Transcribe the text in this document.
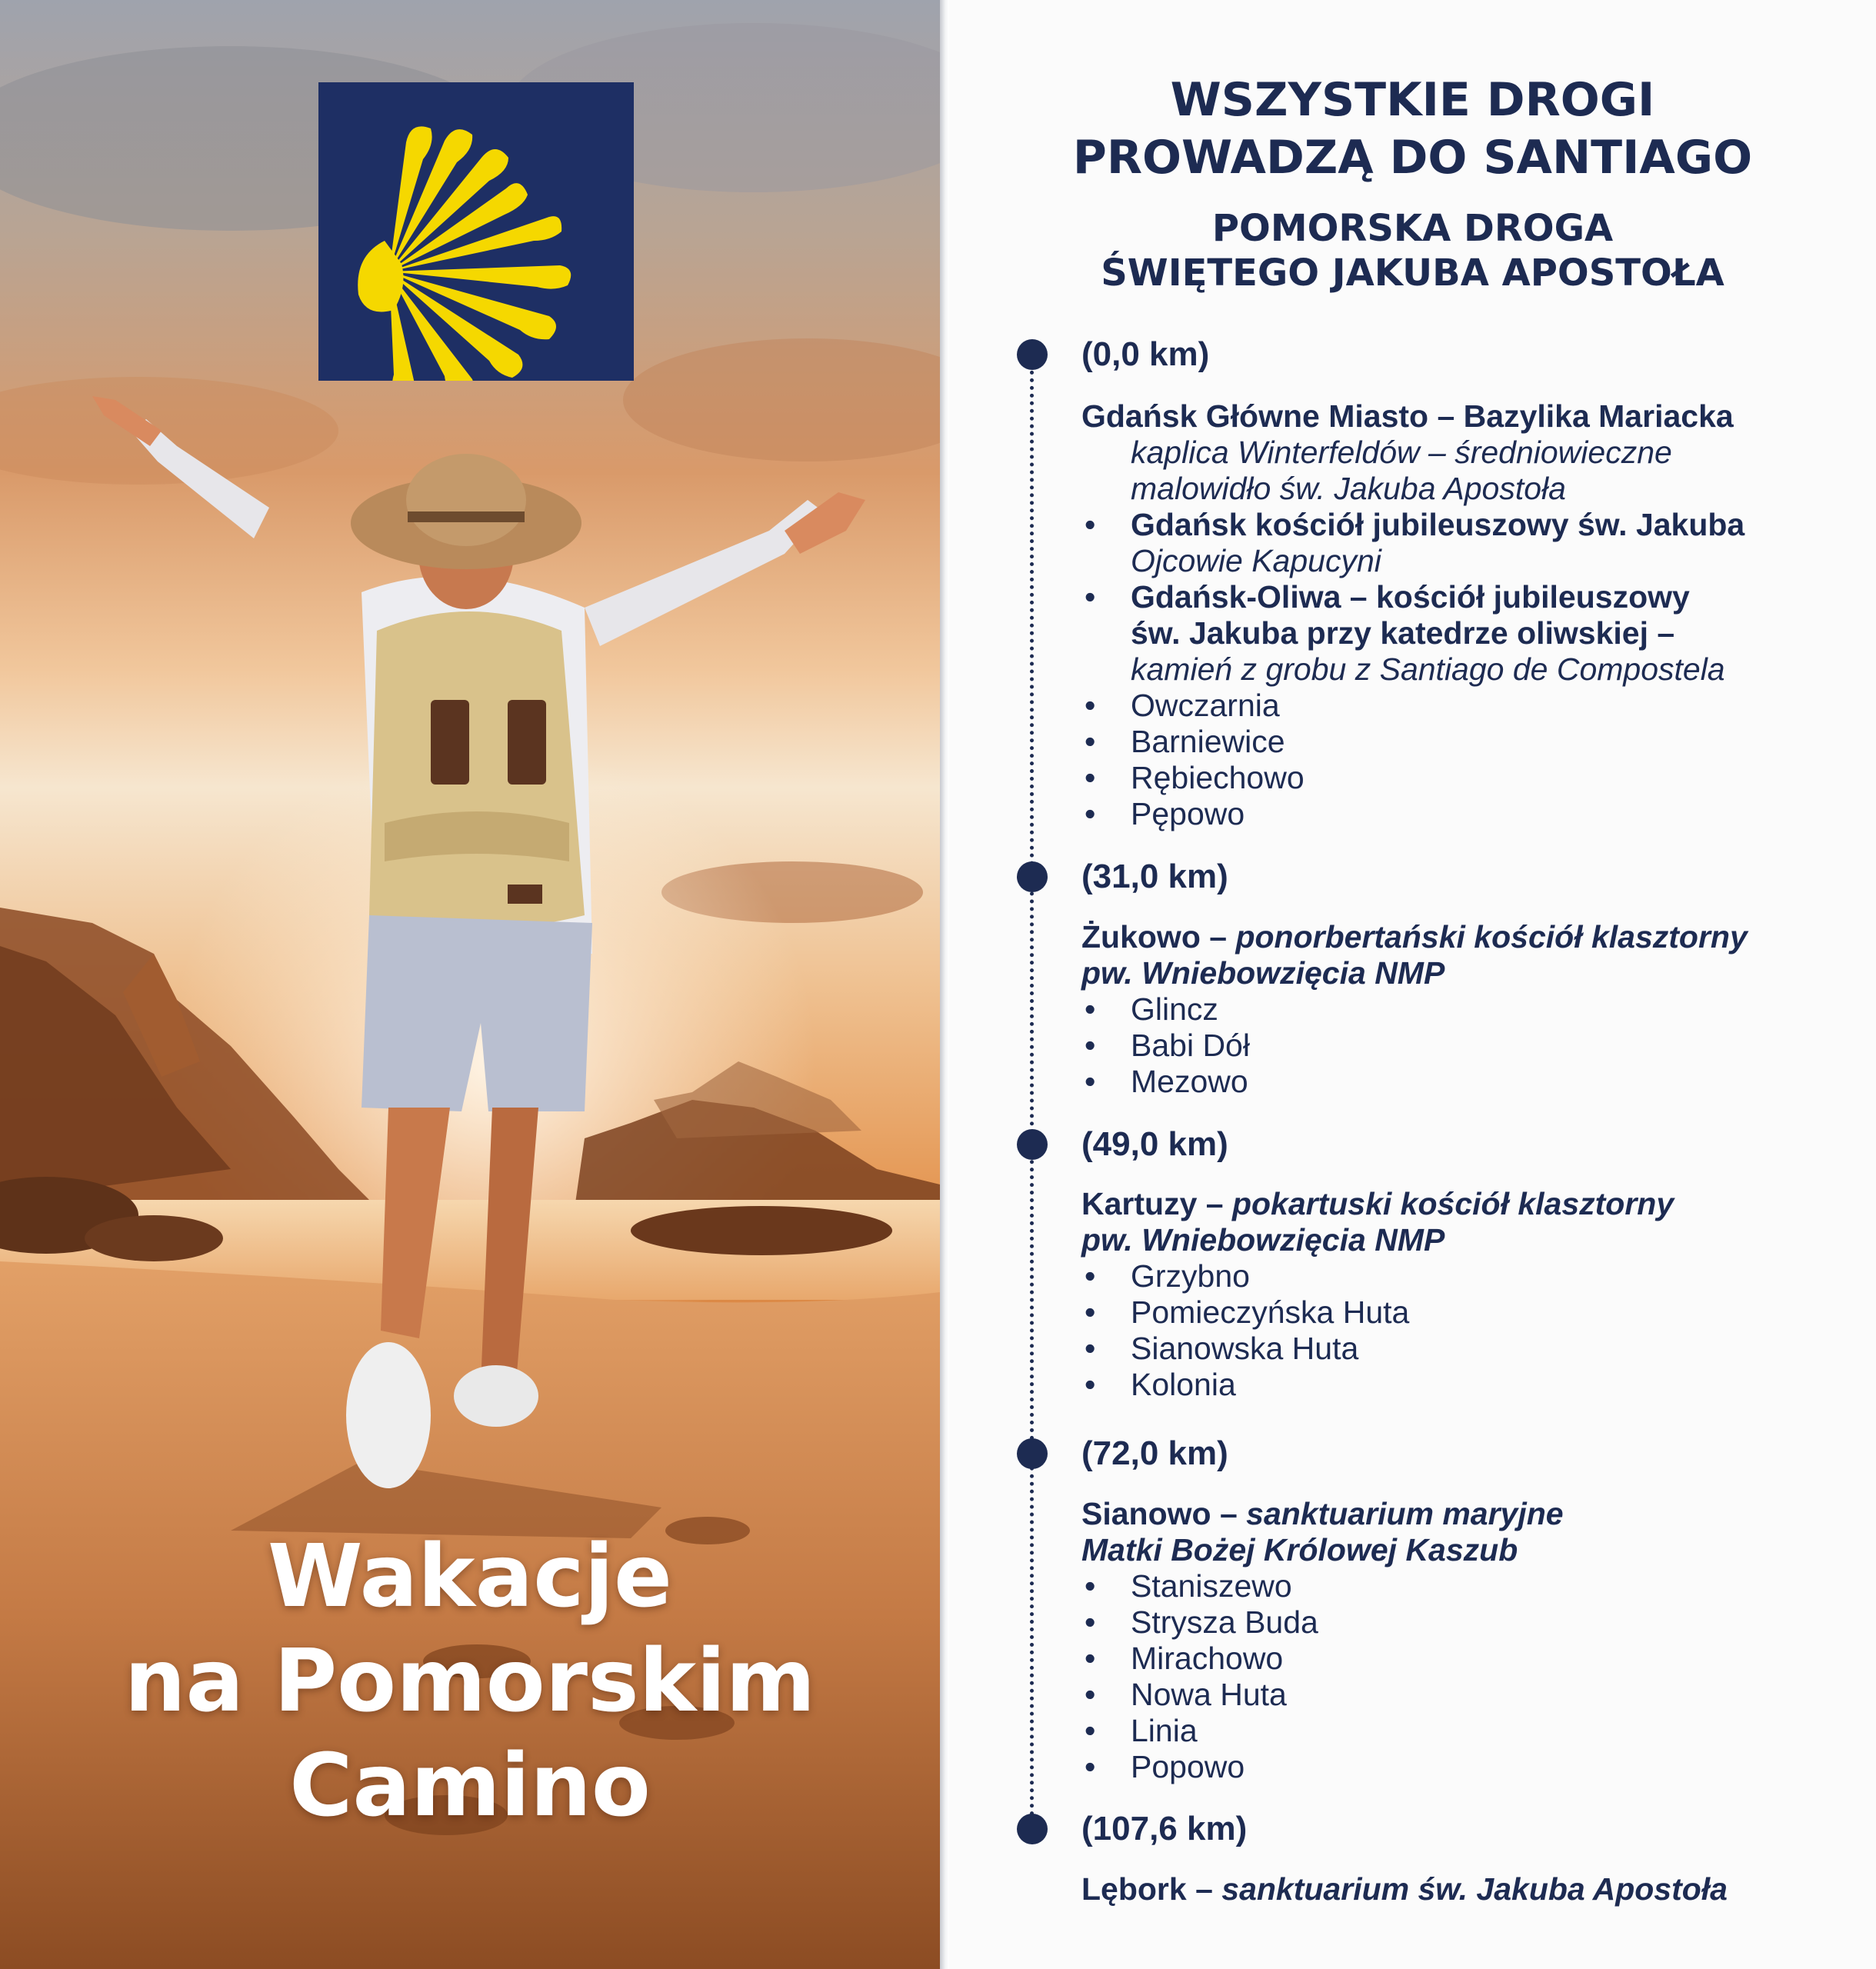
Wakacje
na Pomorskim
Camino
WSZYSTKIE DROGI
PROWADZĄ DO SANTIAGO
POMORSKA DROGA
ŚWIĘTEGO JAKUBA APOSTOŁA
(0,0 km)
Gdańsk Główne Miasto – Bazylika Mariacka
kaplica Winterfeldów – średniowieczne
malowidło św. Jakuba Apostoła
• Gdańsk kościół jubileuszowy św. Jakuba
Ojcowie Kapucyni
• Gdańsk-Oliwa – kościół jubileuszowy
św. Jakuba przy katedrze oliwskiej –
kamień z grobu z Santiago de Compostela
• Owczarnia
• Barniewice
• Rębiechowo
• Pępowo
(31,0 km)
Żukowo – ponorbertański kościół klasztorny
pw. Wniebowzięcia NMP
• Glincz
• Babi Dół
• Mezowo
(49,0 km)
Kartuzy – pokartuski kościół klasztorny
pw. Wniebowzięcia NMP
• Grzybno
• Pomieczyńska Huta
• Sianowska Huta
• Kolonia
(72,0 km)
Sianowo – sanktuarium maryjne
Matki Bożej Królowej Kaszub
• Staniszewo
• Strysza Buda
• Mirachowo
• Nowa Huta
• Linia
• Popowo
(107,6 km)
Lębork – sanktuarium św. Jakuba Apostoła
